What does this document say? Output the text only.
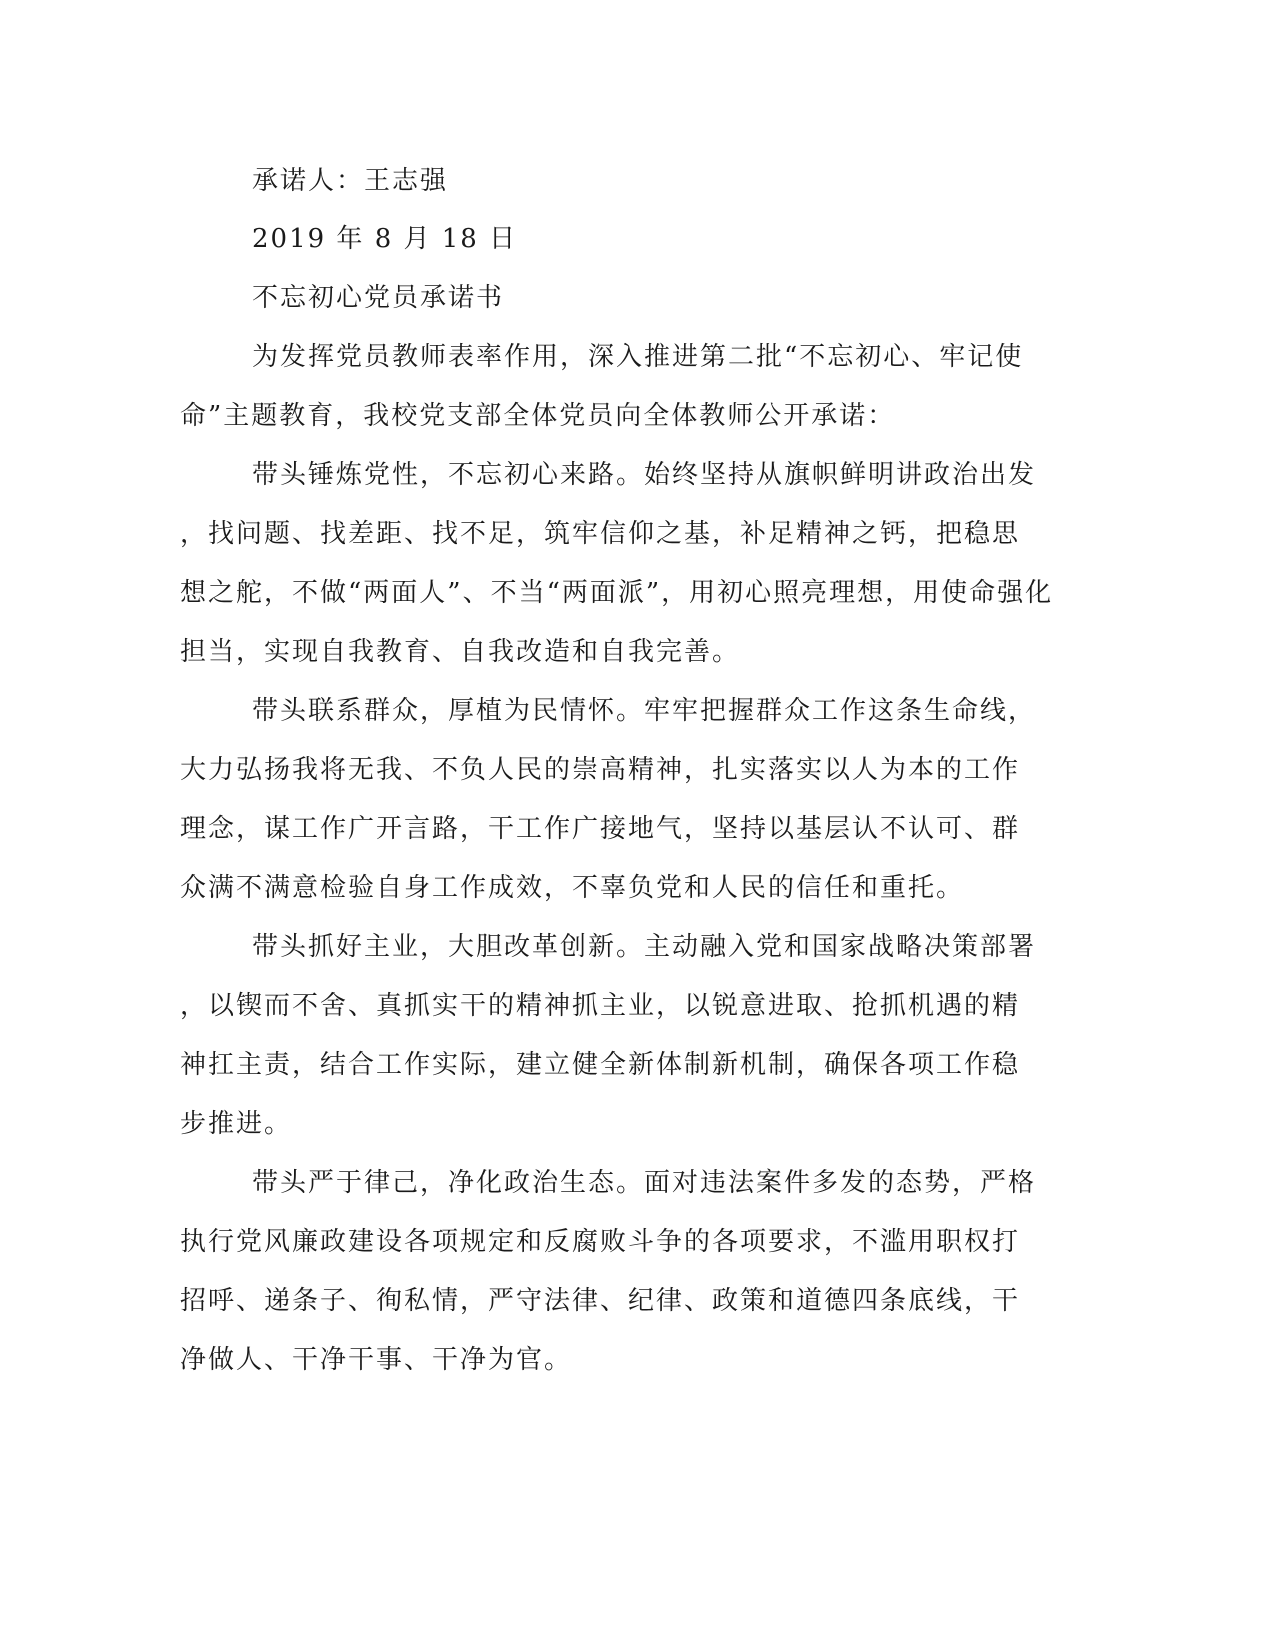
承诺人：王志强

2019 年 8 月 18 日

不忘初心党员承诺书

为发挥党员教师表率作用，深入推进第二批“不忘初心、牢记使

命”主题教育，我校党支部全体党员向全体教师公开承诺：

带头锤炼党性，不忘初心来路。始终坚持从旗帜鲜明讲政治出发

，找问题、找差距、找不足，筑牢信仰之基，补足精神之钙，把稳思

想之舵，不做“两面人”、不当“两面派”，用初心照亮理想，用使命强化

担当，实现自我教育、自我改造和自我完善。

带头联系群众，厚植为民情怀。牢牢把握群众工作这条生命线，

大力弘扬我将无我、不负人民的崇高精神，扎实落实以人为本的工作

理念，谋工作广开言路，干工作广接地气，坚持以基层认不认可、群

众满不满意检验自身工作成效，不辜负党和人民的信任和重托。

带头抓好主业，大胆改革创新。主动融入党和国家战略决策部署

，以锲而不舍、真抓实干的精神抓主业，以锐意进取、抢抓机遇的精

神扛主责，结合工作实际，建立健全新体制新机制，确保各项工作稳

步推进。

带头严于律己，净化政治生态。面对违法案件多发的态势，严格

执行党风廉政建设各项规定和反腐败斗争的各项要求，不滥用职权打

招呼、递条子、徇私情，严守法律、纪律、政策和道德四条底线，干

净做人、干净干事、干净为官。
